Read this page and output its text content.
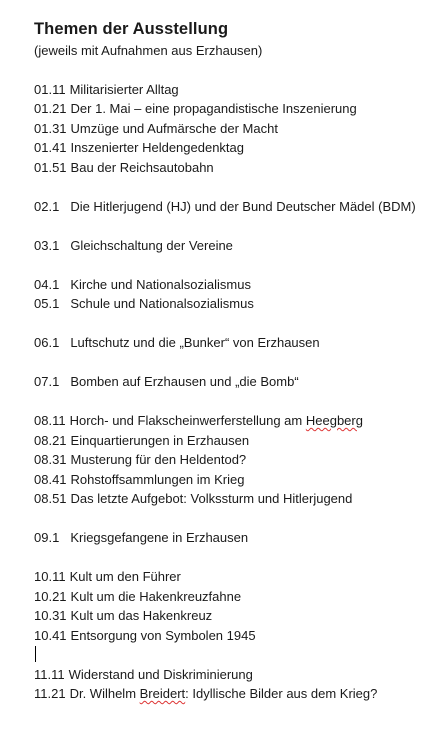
Themen der Ausstellung

(jeweils mit Aufnahmen aus Erzhausen)

01.11 Militarisierter Alltag
01.21 Der 1. Mai – eine propagandistische Inszenierung
01.31 Umzüge und Aufmärsche der Macht
01.41 Inszenierter Heldengedenktag
01.51 Bau der Reichsautobahn
02.1 Die Hitlerjugend (HJ) und der Bund Deutscher Mädel (BDM)
03.1 Gleichschaltung der Vereine
04.1 Kirche und Nationalsozialismus
05.1 Schule und Nationalsozialismus
06.1 Luftschutz und die „Bunker“ von Erzhausen
07.1 Bomben auf Erzhausen und „die Bomb“
08.11 Horch- und Flakscheinwerferstellung am Heegberg
08.21 Einquartierungen in Erzhausen
08.31 Musterung für den Heldentod?
08.41 Rohstoffsammlungen im Krieg
08.51 Das letzte Aufgebot: Volkssturm und Hitlerjugend
09.1 Kriegsgefangene in Erzhausen
10.11 Kult um den Führer
10.21 Kult um die Hakenkreuzfahne
10.31 Kult um das Hakenkreuz
10.41 Entsorgung von Symbolen 1945
11.11 Widerstand und Diskriminierung
11.21 Dr. Wilhelm Breidert: Idyllische Bilder aus dem Krieg?
